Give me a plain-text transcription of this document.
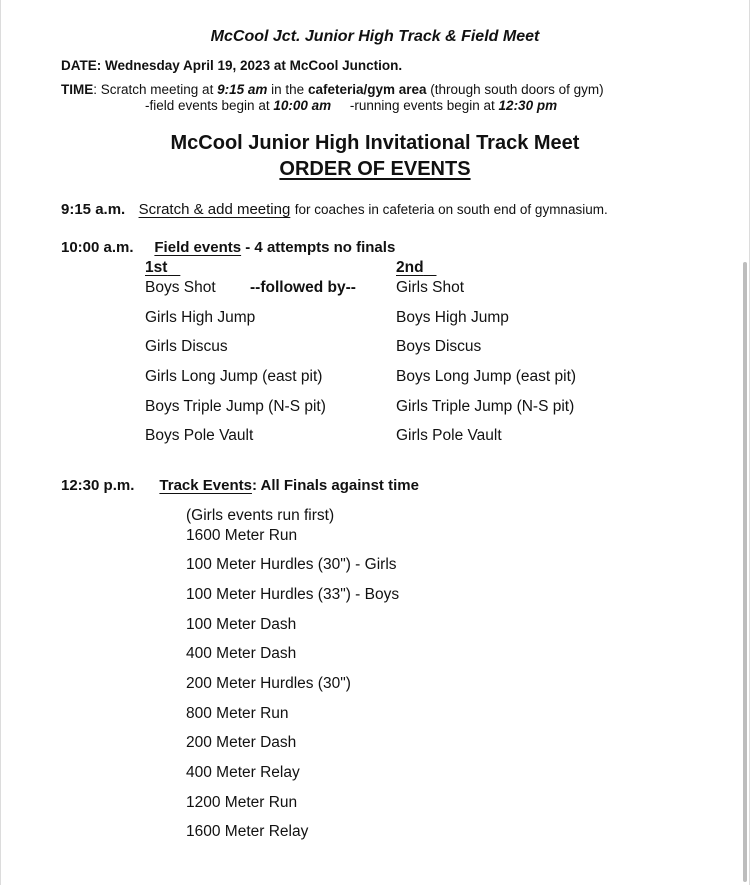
McCool Jct. Junior High Track & Field Meet
DATE: Wednesday April 19, 2023 at McCool Junction.
TIME: Scratch meeting at 9:15 am in the cafeteria/gym area (through south doors of gym)
-field events begin at 10:00 am -running events begin at 12:30 pm
McCool Junior High Invitational Track Meet
ORDER OF EVENTS
9:15 a.m. Scratch & add meeting for coaches in cafeteria on south end of gymnasium.
10:00 a.m. Field events - 4 attempts no finals
1st	2nd
Boys Shot --followed by--
Girls High Jump
Girls Discus
Girls Long Jump (east pit)
Boys Triple Jump (N-S pit)
Boys Pole Vault
Girls Shot
Boys High Jump
Boys Discus
Boys Long Jump (east pit)
Girls Triple Jump (N-S pit)
Girls Pole Vault
12:30 p.m. Track Events: All Finals against time
(Girls events run first)
1600 Meter Run
100 Meter Hurdles (30") - Girls
100 Meter Hurdles (33") - Boys
100 Meter Dash
400 Meter Dash
200 Meter Hurdles (30")
800 Meter Run
200 Meter Dash
400 Meter Relay
1200 Meter Run
1600 Meter Relay
